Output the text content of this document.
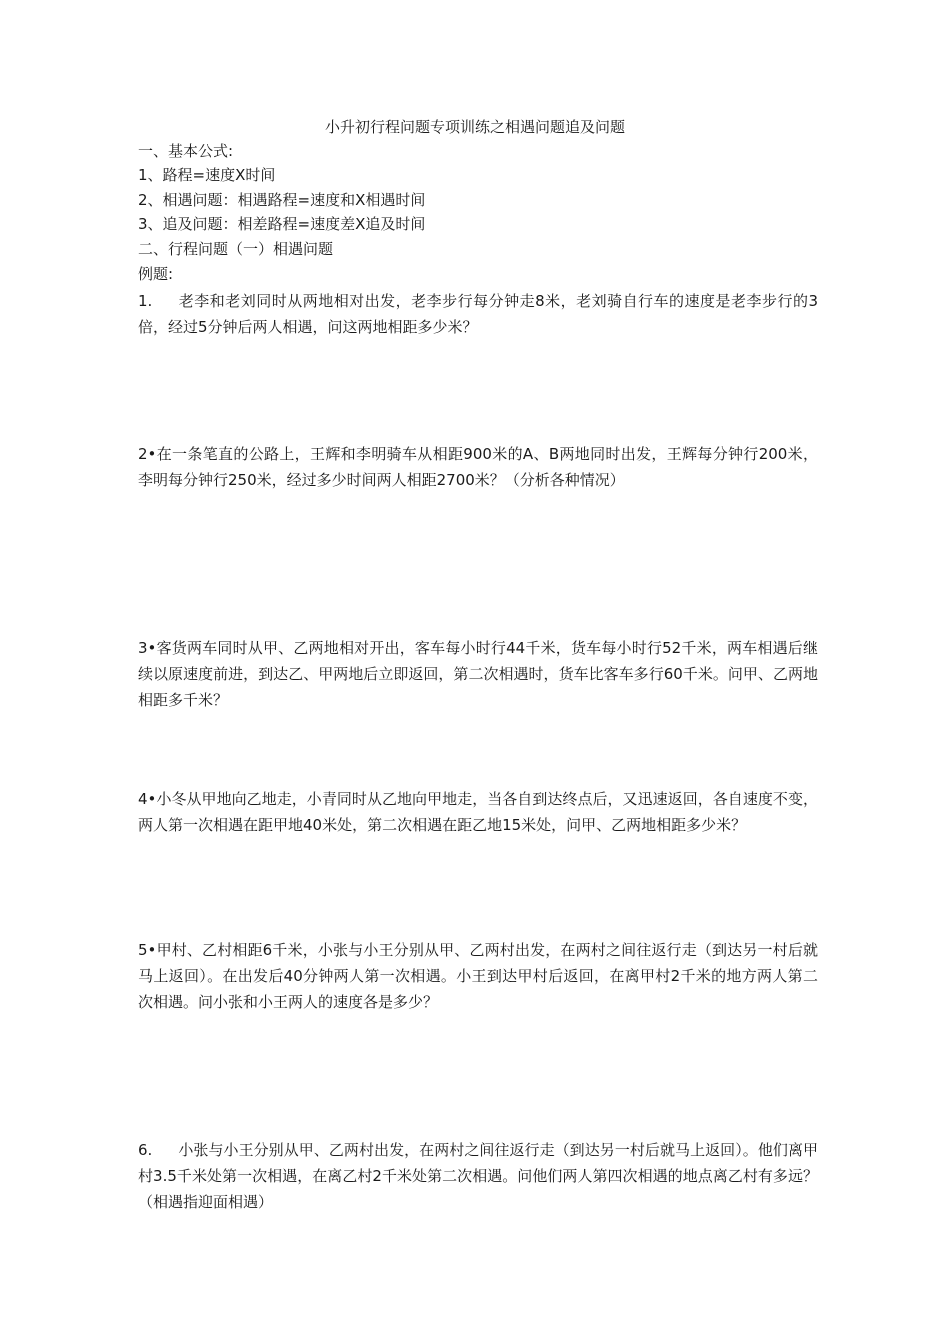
小升初行程问题专项训练之相遇问题追及问题
一、基本公式:
1、路程=速度X时间
2、相遇问题：相遇路程=速度和X相遇时间
3、追及问题：相差路程=速度差X追及时间
二、行程问题（一）相遇问题
例题:
1. 老李和老刘同时从两地相对出发，老李步行每分钟走8米，老刘骑自行车的速度是老李步行的3倍，经过5分钟后两人相遇，问这两地相距多少米？
2•在一条笔直的公路上，王辉和李明骑车从相距900米的A、B两地同时出发，王辉每分钟行200米，李明每分钟行250米，经过多少时间两人相距2700米？（分析各种情况）
3•客货两车同时从甲、乙两地相对开出，客车每小时行44千米，货车每小时行52千米，两车相遇后继续以原速度前进，到达乙、甲两地后立即返回，第二次相遇时，货车比客车多行60千米。问甲、乙两地相距多千米？
4•小冬从甲地向乙地走，小青同时从乙地向甲地走，当各自到达终点后，又迅速返回，各自速度不变，两人第一次相遇在距甲地40米处，第二次相遇在距乙地15米处，问甲、乙两地相距多少米？
5•甲村、乙村相距6千米，小张与小王分别从甲、乙两村出发，在两村之间往返行走（到达另一村后就马上返回）。在出发后40分钟两人第一次相遇。小王到达甲村后返回，在离甲村2千米的地方两人第二次相遇。问小张和小王两人的速度各是多少？
6. 小张与小王分别从甲、乙两村出发，在两村之间往返行走（到达另一村后就马上返回）。他们离甲村3.5千米处第一次相遇，在离乙村2千米处第二次相遇。问他们两人第四次相遇的地点离乙村有多远？（相遇指迎面相遇）
